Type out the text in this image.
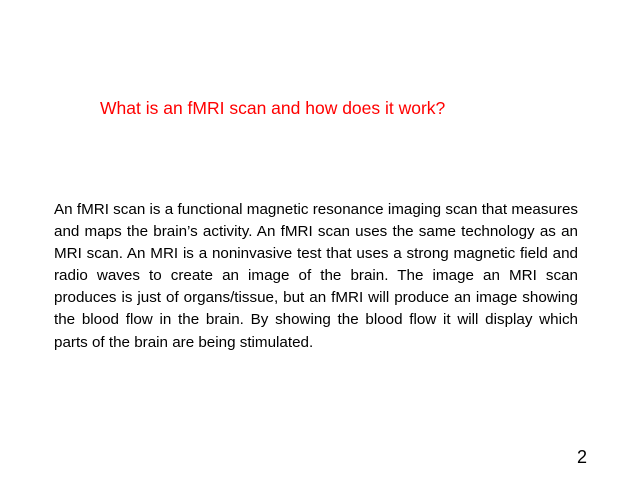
What is an fMRI scan and how does it work?

An fMRI scan is a functional magnetic resonance imaging scan that measures and maps the brain’s activity. An fMRI scan uses the same technology as an MRI scan. An MRI is a noninvasive test that uses a strong magnetic field and radio waves to create an image of the brain. The image an MRI scan produces is just of organs/tissue, but an fMRI will produce an image showing the blood flow in the brain. By showing the blood flow it will display which parts of the brain are being stimulated.

2
